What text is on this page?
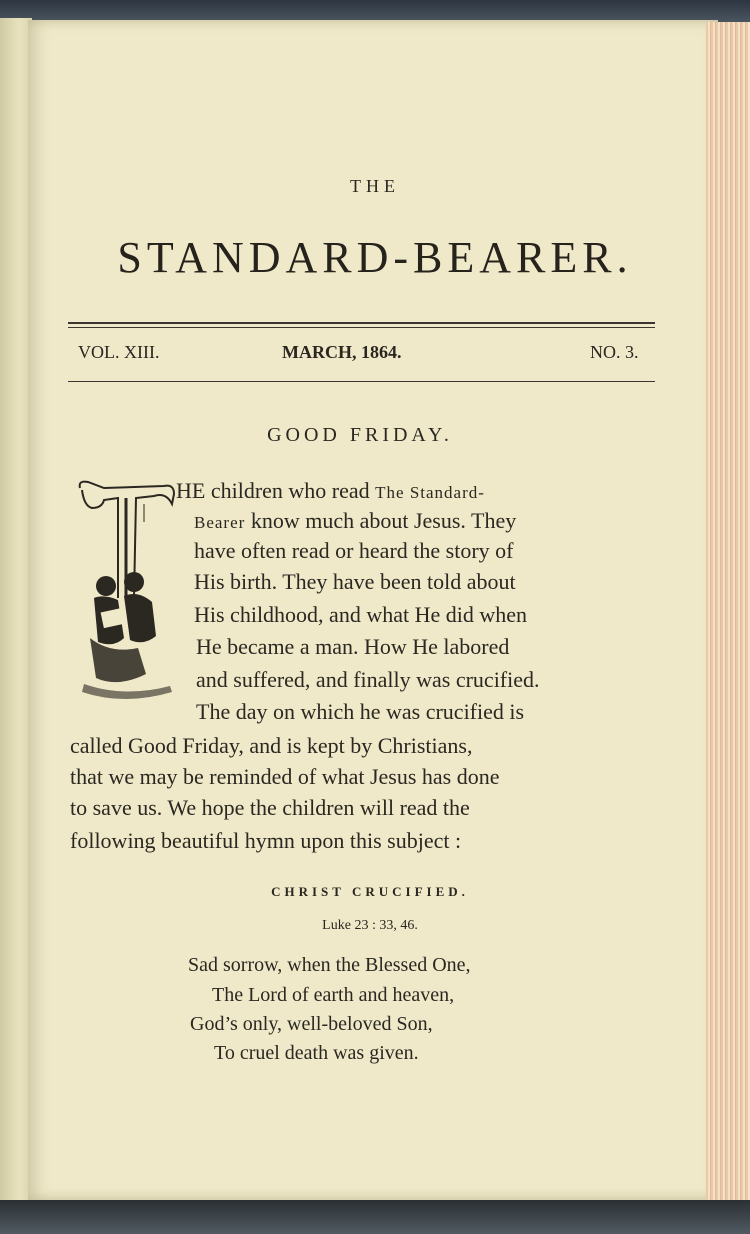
THE
STANDARD-BEARER.
VOL. XIII.	MARCH, 1864.	NO. 3.
GOOD FRIDAY.
HE children who read The Standard-
Bearer know much about Jesus. They
have often read or heard the story of
His birth. They have been told about
His childhood, and what He did when
He became a man. How He labored
and suffered, and finally was crucified.
The day on which he was crucified is
called Good Friday, and is kept by Christians,
that we may be reminded of what Jesus has done
to save us. We hope the children will read the
following beautiful hymn upon this subject :
CHRIST CRUCIFIED.
Luke 23 : 33, 46.
Sad sorrow, when the Blessed One,
The Lord of earth and heaven,
God’s only, well-beloved Son,
To cruel death was given.
